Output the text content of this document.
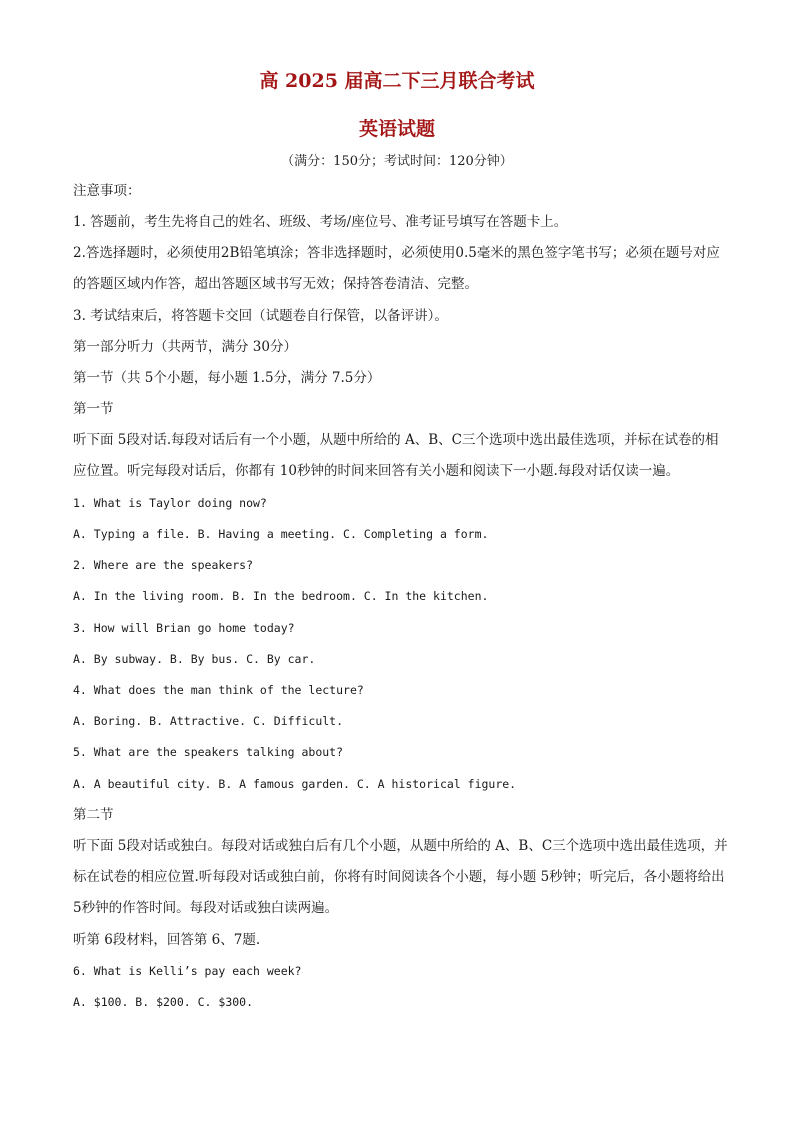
高 2025 届高二下三月联合考试
英语试题
（满分：150分；考试时间：120分钟）
注意事项：
1. 答题前，考生先将自己的姓名、班级、考场/座位号、准考证号填写在答题卡上。
2.答选择题时，必须使用2B铅笔填涂；答非选择题时，必须使用0.5毫米的黑色签字笔书写；必须在题号对应的答题区域内作答，超出答题区域书写无效；保持答卷清洁、完整。
3. 考试结束后，将答题卡交回（试题卷自行保管，以备评讲）。
第一部分听力（共两节，满分 30分）
第一节（共 5个小题，每小题 1.5分，满分 7.5分）
第一节
听下面 5段对话.每段对话后有一个小题，从题中所给的 A、B、C三个选项中选出最佳选项，并标在试卷的相应位置。听完每段对话后，你都有 10秒钟的时间来回答有关小题和阅读下一小题.每段对话仅读一遍。
1. What is Taylor doing now?
A. Typing a file. B. Having a meeting. C. Completing a form.
2. Where are the speakers?
A. In the living room. B. In the bedroom. C. In the kitchen.
3. How will Brian go home today?
A. By subway. B. By bus. C. By car.
4. What does the man think of the lecture?
A. Boring. B. Attractive. C. Difficult.
5. What are the speakers talking about?
A. A beautiful city. B. A famous garden. C. A historical figure.
第二节
听下面 5段对话或独白。每段对话或独白后有几个小题，从题中所给的 A、B、C三个选项中选出最佳选项，并标在试卷的相应位置.听每段对话或独白前，你将有时间阅读各个小题，每小题 5秒钟；听完后，各小题将给出 5秒钟的作答时间。每段对话或独白读两遍。
听第 6段材料，回答第 6、7题.
6. What is Kelli’s pay each week?
A. $100. B. $200. C. $300.
